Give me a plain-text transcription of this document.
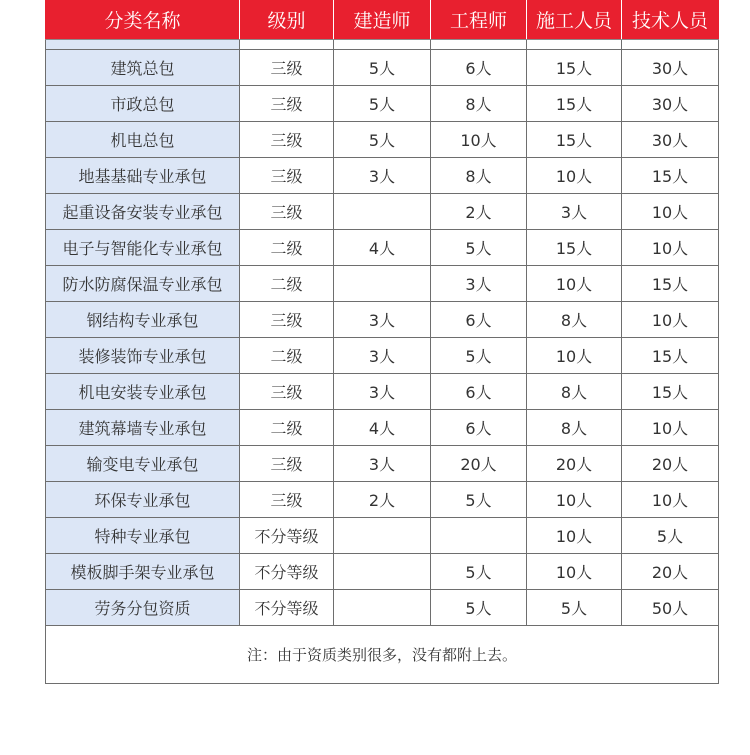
分类名称	级别	建造师	工程师	施工人员	技术人员

建筑总包	三级	5人	6人	15人	30人
市政总包	三级	5人	8人	15人	30人
机电总包	三级	5人	10人	15人	30人
地基基础专业承包	三级	3人	8人	10人	15人
起重设备安装专业承包	三级		2人	3人	10人
电子与智能化专业承包	二级	4人	5人	15人	10人
防水防腐保温专业承包	二级		3人	10人	15人
钢结构专业承包	三级	3人	6人	8人	10人
装修装饰专业承包	二级	3人	5人	10人	15人
机电安装专业承包	三级	3人	6人	8人	15人
建筑幕墙专业承包	二级	4人	6人	8人	10人
输变电专业承包	三级	3人	20人	20人	20人
环保专业承包	三级	2人	5人	10人	10人
特种专业承包	不分等级			10人	5人
模板脚手架专业承包	不分等级		5人	10人	20人
劳务分包资质	不分等级		5人	5人	50人
注：由于资质类别很多，没有都附上去。					
